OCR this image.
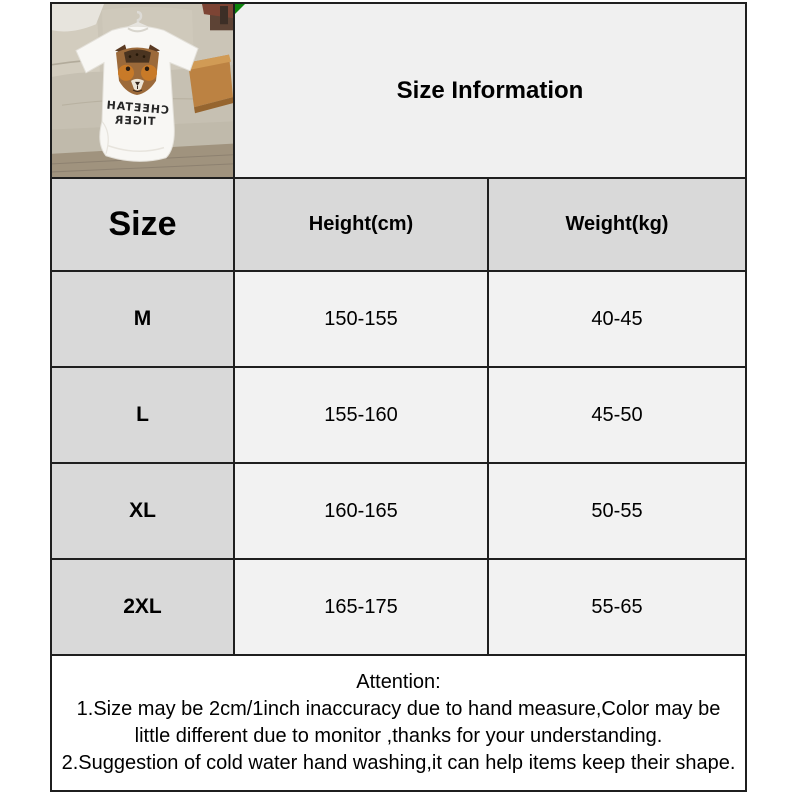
CHEETAH
TIGER	Size Information	
Size	Height(cm)	Weight(kg)
M	150-155	40-45
L	155-160	45-50
XL	160-165	50-55
2XL	165-175	55-65

Attention:
1.Size may be 2cm/1inch inaccuracy due to hand measure,Color may be little different due to monitor ,thanks for your understanding.
2.Suggestion of cold water hand washing,it can help items keep their shape.		
